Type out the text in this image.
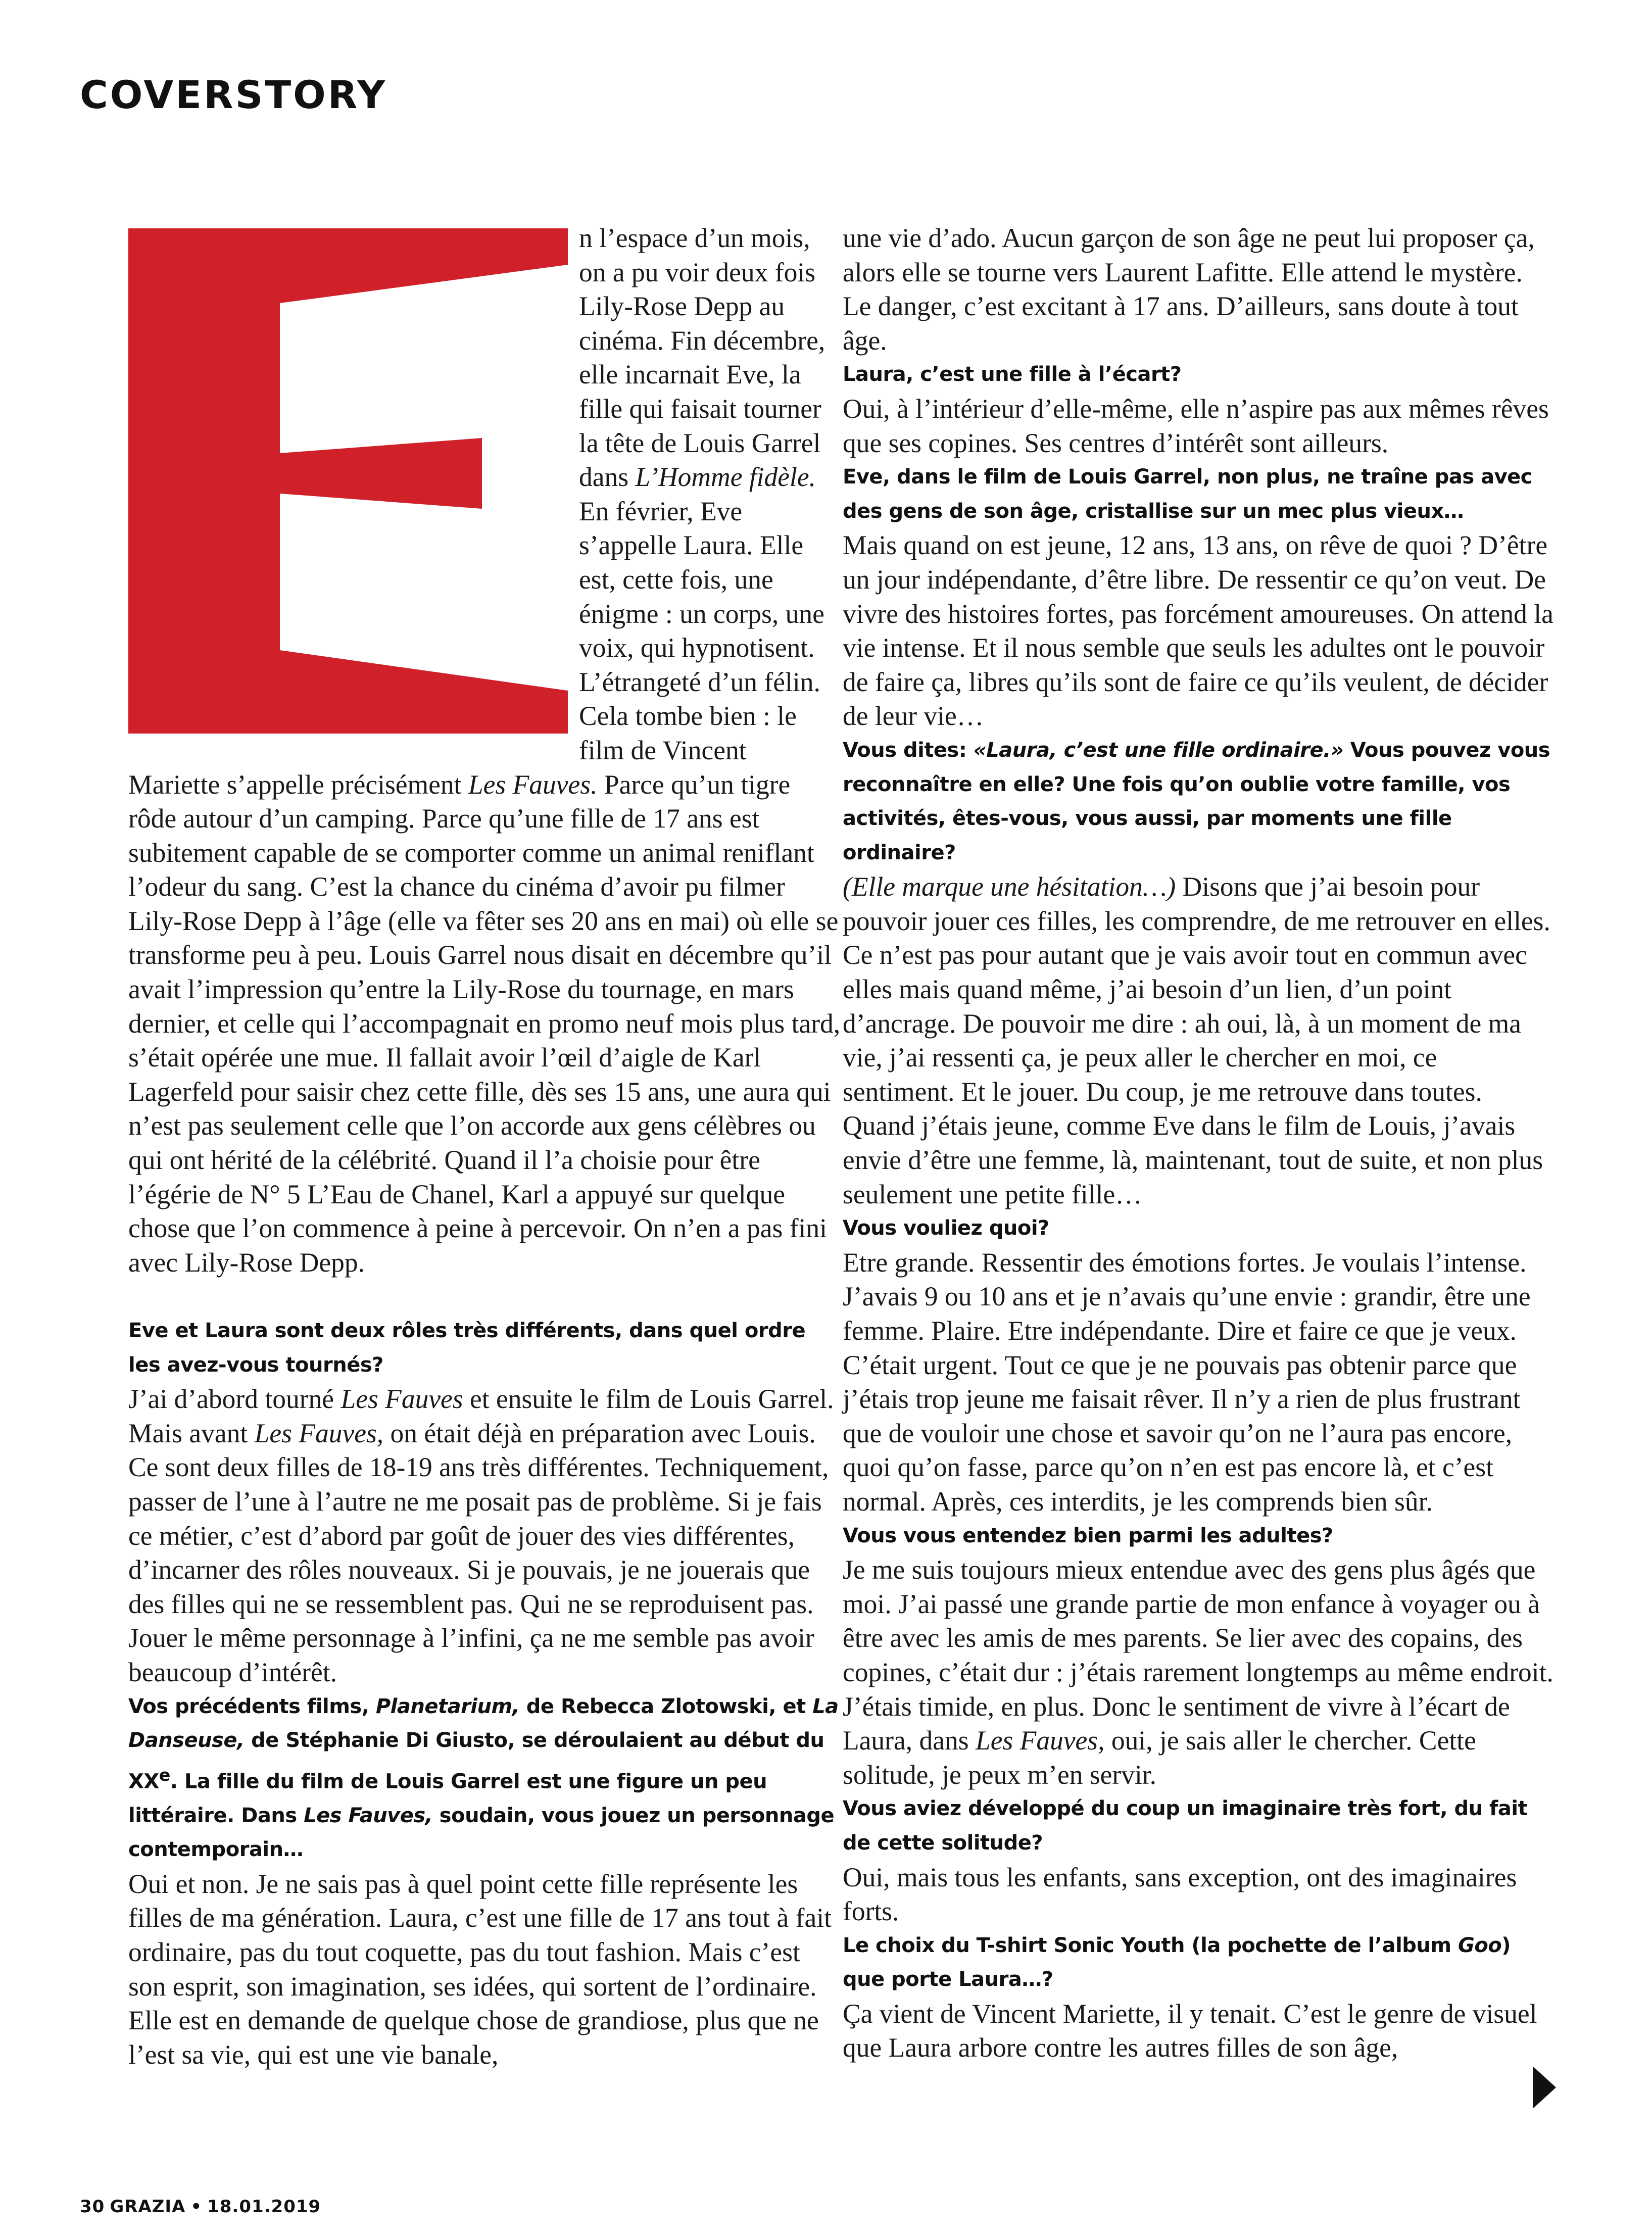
COVERSTORY

n l’espace d’un mois, on a pu voir deux fois Lily-Rose Depp au cinéma. Fin décembre, elle incarnait Eve, la fille qui faisait tourner la tête de Louis Garrel dans L’Homme fidèle. En février, Eve s’appelle Laura. Elle est, cette fois, une énigme : un corps, une voix, qui hypnotisent. L’étrangeté d’un félin. Cela tombe bien : le film de Vincent Mariette s’appelle précisément Les Fauves. Parce qu’un tigre rôde autour d’un camping. Parce qu’une fille de 17 ans est subitement capable de se comporter comme un animal reniflant l’odeur du sang. C’est la chance du cinéma d’avoir pu filmer Lily-Rose Depp à l’âge (elle va fêter ses 20 ans en mai) où elle se transforme peu à peu. Louis Garrel nous disait en décembre qu’il avait l’impression qu’entre la Lily-Rose du tournage, en mars dernier, et celle qui l’accompagnait en promo neuf mois plus tard, s’était opérée une mue. Il fallait avoir l’œil d’aigle de Karl Lagerfeld pour saisir chez cette fille, dès ses 15 ans, une aura qui n’est pas seulement celle que l’on accorde aux gens célèbres ou qui ont hérité de la célébrité. Quand il l’a choisie pour être l’égérie de N° 5 L’Eau de Chanel, Karl a appuyé sur quelque chose que l’on commence à peine à percevoir. On n’en a pas fini avec Lily-Rose Depp.

Eve et Laura sont deux rôles très différents, dans quel ordre les avez-vous tournés?

J’ai d’abord tourné Les Fauves et ensuite le film de Louis Garrel. Mais avant Les Fauves, on était déjà en préparation avec Louis. Ce sont deux filles de 18-19 ans très différentes. Techniquement, passer de l’une à l’autre ne me posait pas de problème. Si je fais ce métier, c’est d’abord par goût de jouer des vies différentes, d’incarner des rôles nouveaux. Si je pouvais, je ne jouerais que des filles qui ne se ressemblent pas. Qui ne se reproduisent pas. Jouer le même personnage à l’infini, ça ne me semble pas avoir beaucoup d’intérêt.

Vos précédents films, Planetarium, de Rebecca Zlotowski, et La Danseuse, de Stéphanie Di Giusto, se déroulaient au début du XXe. La fille du film de Louis Garrel est une figure un peu littéraire. Dans Les Fauves, soudain, vous jouez un personnage contemporain…

Oui et non. Je ne sais pas à quel point cette fille représente les filles de ma génération. Laura, c’est une fille de 17 ans tout à fait ordinaire, pas du tout coquette, pas du tout fashion. Mais c’est son esprit, son imagination, ses idées, qui sortent de l’ordinaire. Elle est en demande de quelque chose de grandiose, plus que ne l’est sa vie, qui est une vie banale,

une vie d’ado. Aucun garçon de son âge ne peut lui proposer ça, alors elle se tourne vers Laurent Lafitte. Elle attend le mystère. Le danger, c’est excitant à 17 ans. D’ailleurs, sans doute à tout âge.

Laura, c’est une fille à l’écart?

Oui, à l’intérieur d’elle-même, elle n’aspire pas aux mêmes rêves que ses copines. Ses centres d’intérêt sont ailleurs.

Eve, dans le film de Louis Garrel, non plus, ne traîne pas avec des gens de son âge, cristallise sur un mec plus vieux…

Mais quand on est jeune, 12 ans, 13 ans, on rêve de quoi ? D’être un jour indépendante, d’être libre. De ressentir ce qu’on veut. De vivre des histoires fortes, pas forcément amoureuses. On attend la vie intense. Et il nous semble que seuls les adultes ont le pouvoir de faire ça, libres qu’ils sont de faire ce qu’ils veulent, de décider de leur vie…

Vous dites: «Laura, c’est une fille ordinaire.» Vous pouvez vous reconnaître en elle? Une fois qu’on oublie votre famille, vos activités, êtes-vous, vous aussi, par moments une fille ordinaire?

(Elle marque une hésitation…) Disons que j’ai besoin pour pouvoir jouer ces filles, les comprendre, de me retrouver en elles. Ce n’est pas pour autant que je vais avoir tout en commun avec elles mais quand même, j’ai besoin d’un lien, d’un point d’ancrage. De pouvoir me dire : ah oui, là, à un moment de ma vie, j’ai ressenti ça, je peux aller le chercher en moi, ce sentiment. Et le jouer. Du coup, je me retrouve dans toutes. Quand j’étais jeune, comme Eve dans le film de Louis, j’avais envie d’être une femme, là, maintenant, tout de suite, et non plus seulement une petite fille…

Vous vouliez quoi?

Etre grande. Ressentir des émotions fortes. Je voulais l’intense. J’avais 9 ou 10 ans et je n’avais qu’une envie : grandir, être une femme. Plaire. Etre indépendante. Dire et faire ce que je veux. C’était urgent. Tout ce que je ne pouvais pas obtenir parce que j’étais trop jeune me faisait rêver. Il n’y a rien de plus frustrant que de vouloir une chose et savoir qu’on ne l’aura pas encore, quoi qu’on fasse, parce qu’on n’en est pas encore là, et c’est normal. Après, ces interdits, je les comprends bien sûr.

Vous vous entendez bien parmi les adultes?

Je me suis toujours mieux entendue avec des gens plus âgés que moi. J’ai passé une grande partie de mon enfance à voyager ou à être avec les amis de mes parents. Se lier avec des copains, des copines, c’était dur : j’étais rarement longtemps au même endroit. J’étais timide, en plus. Donc le sentiment de vivre à l’écart de Laura, dans Les Fauves, oui, je sais aller le chercher. Cette solitude, je peux m’en servir.

Vous aviez développé du coup un imaginaire très fort, du fait de cette solitude?

Oui, mais tous les enfants, sans exception, ont des imaginaires forts.

Le choix du T-shirt Sonic Youth (la pochette de l’album Goo) que porte Laura…?

Ça vient de Vincent Mariette, il y tenait. C’est le genre de visuel que Laura arbore contre les autres filles de son âge,

30 GRAZIA • 18.01.2019
